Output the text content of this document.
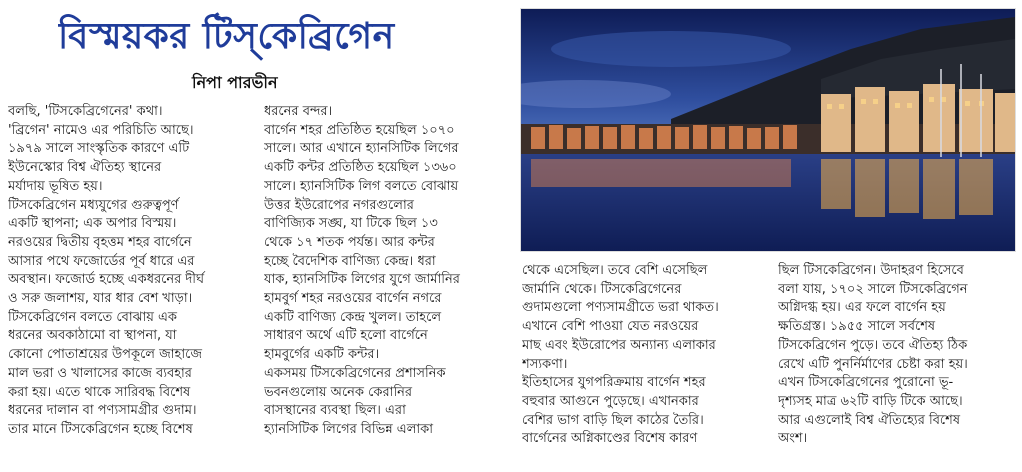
বিস্ময়কর টিস্‌কেব্রিগেন
নিপা পারভীন

বলছি, 'টিসকেব্রিগেনের' কথা।

'ব্রিগেন' নামেও এর পরিচিতি আছে।

১৯৭৯ সালে সাংস্কৃতিক কারণে এটি

ইউনেস্কোর বিশ্ব ঐতিহ্য স্থানের

মর্যাদায় ভূষিত হয়।

টিসকেব্রিগেন মধ্যযুগের গুরুত্বপূর্ণ

একটি স্থাপনা; এক অপার বিস্ময়।

নরওয়ের দ্বিতীয় বৃহত্তম শহর বার্গেনে

আসার পথে ফজোর্ডের পূর্ব ধারে এর

অবস্থান। ফজোর্ড হচ্ছে একধরনের দীর্ঘ

ও সরু জলাশয়, যার ধার বেশ খাড়া।

টিসকেব্রিগেন বলতে বোঝায় এক

ধরনের অবকাঠামো বা স্থাপনা, যা

কোনো পোতাশ্রয়ের উপকূলে জাহাজে

মাল ভরা ও খালাসের কাজে ব্যবহার

করা হয়। এতে থাকে সারিবদ্ধ বিশেষ

ধরনের দালান বা পণ্যসামগ্রীর গুদাম।

তার মানে টিসকেব্রিগেন হচ্ছে বিশেষ

ধরনের বন্দর।

বার্গেন শহর প্রতিষ্ঠিত হয়েছিল ১০৭০

সালে। আর এখানে হ্যানসিটিক লিগের

একটি কন্টর প্রতিষ্ঠিত হয়েছিল ১৩৬০

সালে। হ্যানসিটিক লিগ বলতে বোঝায়

উত্তর ইউরোপের নগরগুলোর

বাণিজ্যিক সঙ্ঘ, যা টিকে ছিল ১৩

থেকে ১৭ শতক পর্যন্ত। আর কন্টর

হচ্ছে বৈদেশিক বাণিজ্য কেন্দ্র। ধরা

যাক, হ্যানসিটিক লিগের যুগে জার্মানির

হামবুর্গ শহর নরওয়ের বার্গেন নগরে

একটি বাণিজ্য কেন্দ্র খুলল। তাহলে

সাধারণ অর্থে এটি হলো বার্গেনে

হামবুর্গের একটি কন্টর।

একসময় টিসকেব্রিগেনের প্রশাসনিক

ভবনগুলোয় অনেক কেরানির

বাসস্থানের ব্যবস্থা ছিল। এরা

হ্যানসিটিক লিগের বিভিন্ন এলাকা

থেকে এসেছিল। তবে বেশি এসেছিল

জার্মানি থেকে। টিসকেব্রিগেনের

গুদামগুলো পণ্যসামগ্রীতে ভরা থাকত।

এখানে বেশি পাওয়া যেত নরওয়ের

মাছ এবং ইউরোপের অন্যান্য এলাকার

শস্যকণা।

ইতিহাসের যুগপরিক্রমায় বার্গেন শহর

বহুবার আগুনে পুড়েছে। এখানকার

বেশির ভাগ বাড়ি ছিল কাঠের তৈরি।

বার্গেনের অগ্নিকাণ্ডের বিশেষ কারণ

ছিল টিসকেব্রিগেন। উদাহরণ হিসেবে

বলা যায়, ১৭০২ সালে টিসকেব্রিগেন

অগ্নিদগ্ধ হয়। এর ফলে বার্গেন হয়

ক্ষতিগ্রস্ত। ১৯৫৫ সালে সর্বশেষ

টিসকেব্রিগেন পুড়ে। তবে ঐতিহ্য ঠিক

রেখে এটি পুনর্নির্মাণের চেষ্টা করা হয়।

এখন টিসকেব্রিগেনের পুরোনো ভূ-

দৃশ্যসহ মাত্র ৬২টি বাড়ি টিকে আছে।

আর এগুলোই বিশ্ব ঐতিহ্যের বিশেষ

অংশ।
